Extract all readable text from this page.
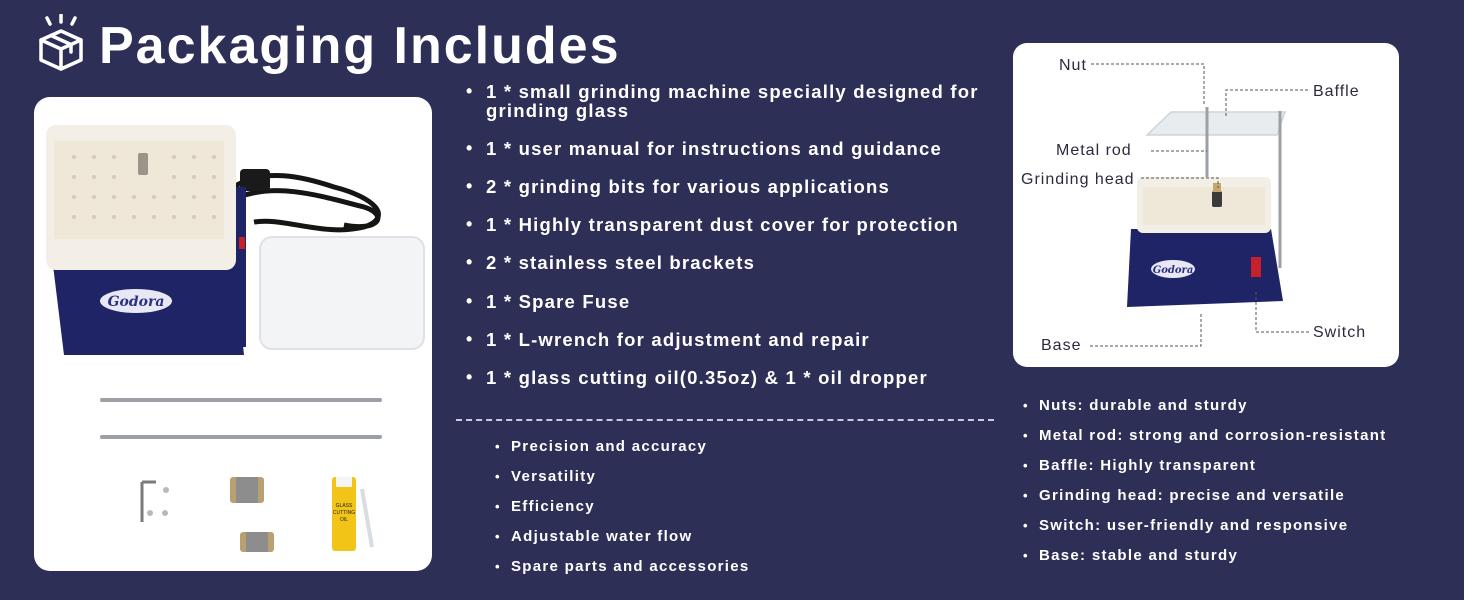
Packaging Includes
Godora
GLASS
CUTTING
OIL
• 1 * small grinding machine specially designed for grinding glass
• 1 * user manual for instructions and guidance
• 2 * grinding bits for various applications
• 1 * Highly transparent dust cover for protection
• 2 * stainless steel brackets
• 1 * Spare Fuse
• 1 * L-wrench for adjustment and repair
• 1 * glass cutting oil(0.35oz) & 1 * oil dropper
• Precision and accuracy
• Versatility
• Efficiency
• Adjustable water flow
• Spare parts and accessories
Godora
Nut
Baffle
Metal rod
Grinding head
Switch
Base
• Nuts: durable and sturdy
• Metal rod: strong and corrosion-resistant
• Baffle: Highly transparent
• Grinding head: precise and versatile
• Switch: user-friendly and responsive
• Base: stable and sturdy
